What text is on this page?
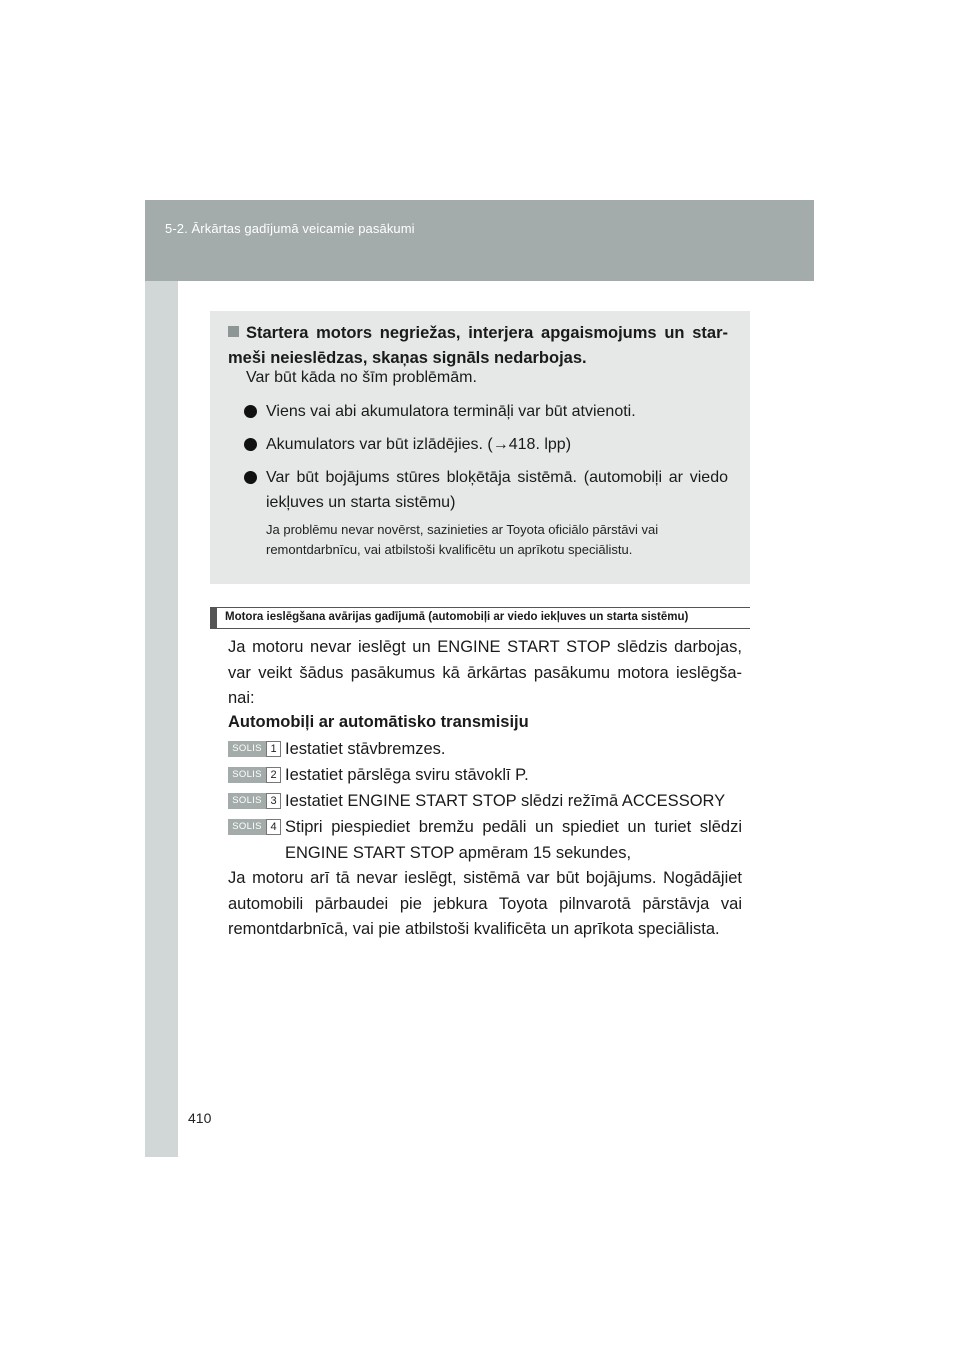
5-2. Ārkārtas gadījumā veicamie pasākumi
410
Startera motors negriežas, interjera apgaismojums un star-meši neieslēdzas, skaņas signāls nedarbojas.
Var būt kāda no šīm problēmām.
Viens vai abi akumulatora termināļi var būt atvienoti.
Akumulators var būt izlādējies. (→418. lpp)
Var būt bojājums stūres bloķētāja sistēmā. (automobiļi ar viedo iekļuves un starta sistēmu)
Ja problēmu nevar novērst, sazinieties ar Toyota oficiālo pārstāvi vai remontdarbnīcu, vai atbilstoši kvalificētu un aprīkotu speciālistu.
Motora ieslēgšana avārijas gadījumā (automobiļi ar viedo iekļuves un starta sistēmu)
Ja motoru nevar ieslēgt un ENGINE START STOP slēdzis darbojas, var veikt šādus pasākumus kā ārkārtas pasākumu motora ieslēgša-nai:
Automobiļi ar automātisko transmisiju
SOLIS 1 Iestatiet stāvbremzes.
SOLIS 2 Iestatiet pārslēga sviru stāvoklī P.
SOLIS 3 Iestatiet ENGINE START STOP slēdzi režīmā ACCESSORY
SOLIS 4 Stipri piespiediet bremžu pedāli un spiediet un turiet slēdzi ENGINE START STOP apmēram 15 sekundes,
Ja motoru arī tā nevar ieslēgt, sistēmā var būt bojājums. Nogādājiet automobili pārbaudei pie jebkura Toyota pilnvarotā pārstāvja vai remontdarbnīcā, vai pie atbilstoši kvalificēta un aprīkota speciālista.
